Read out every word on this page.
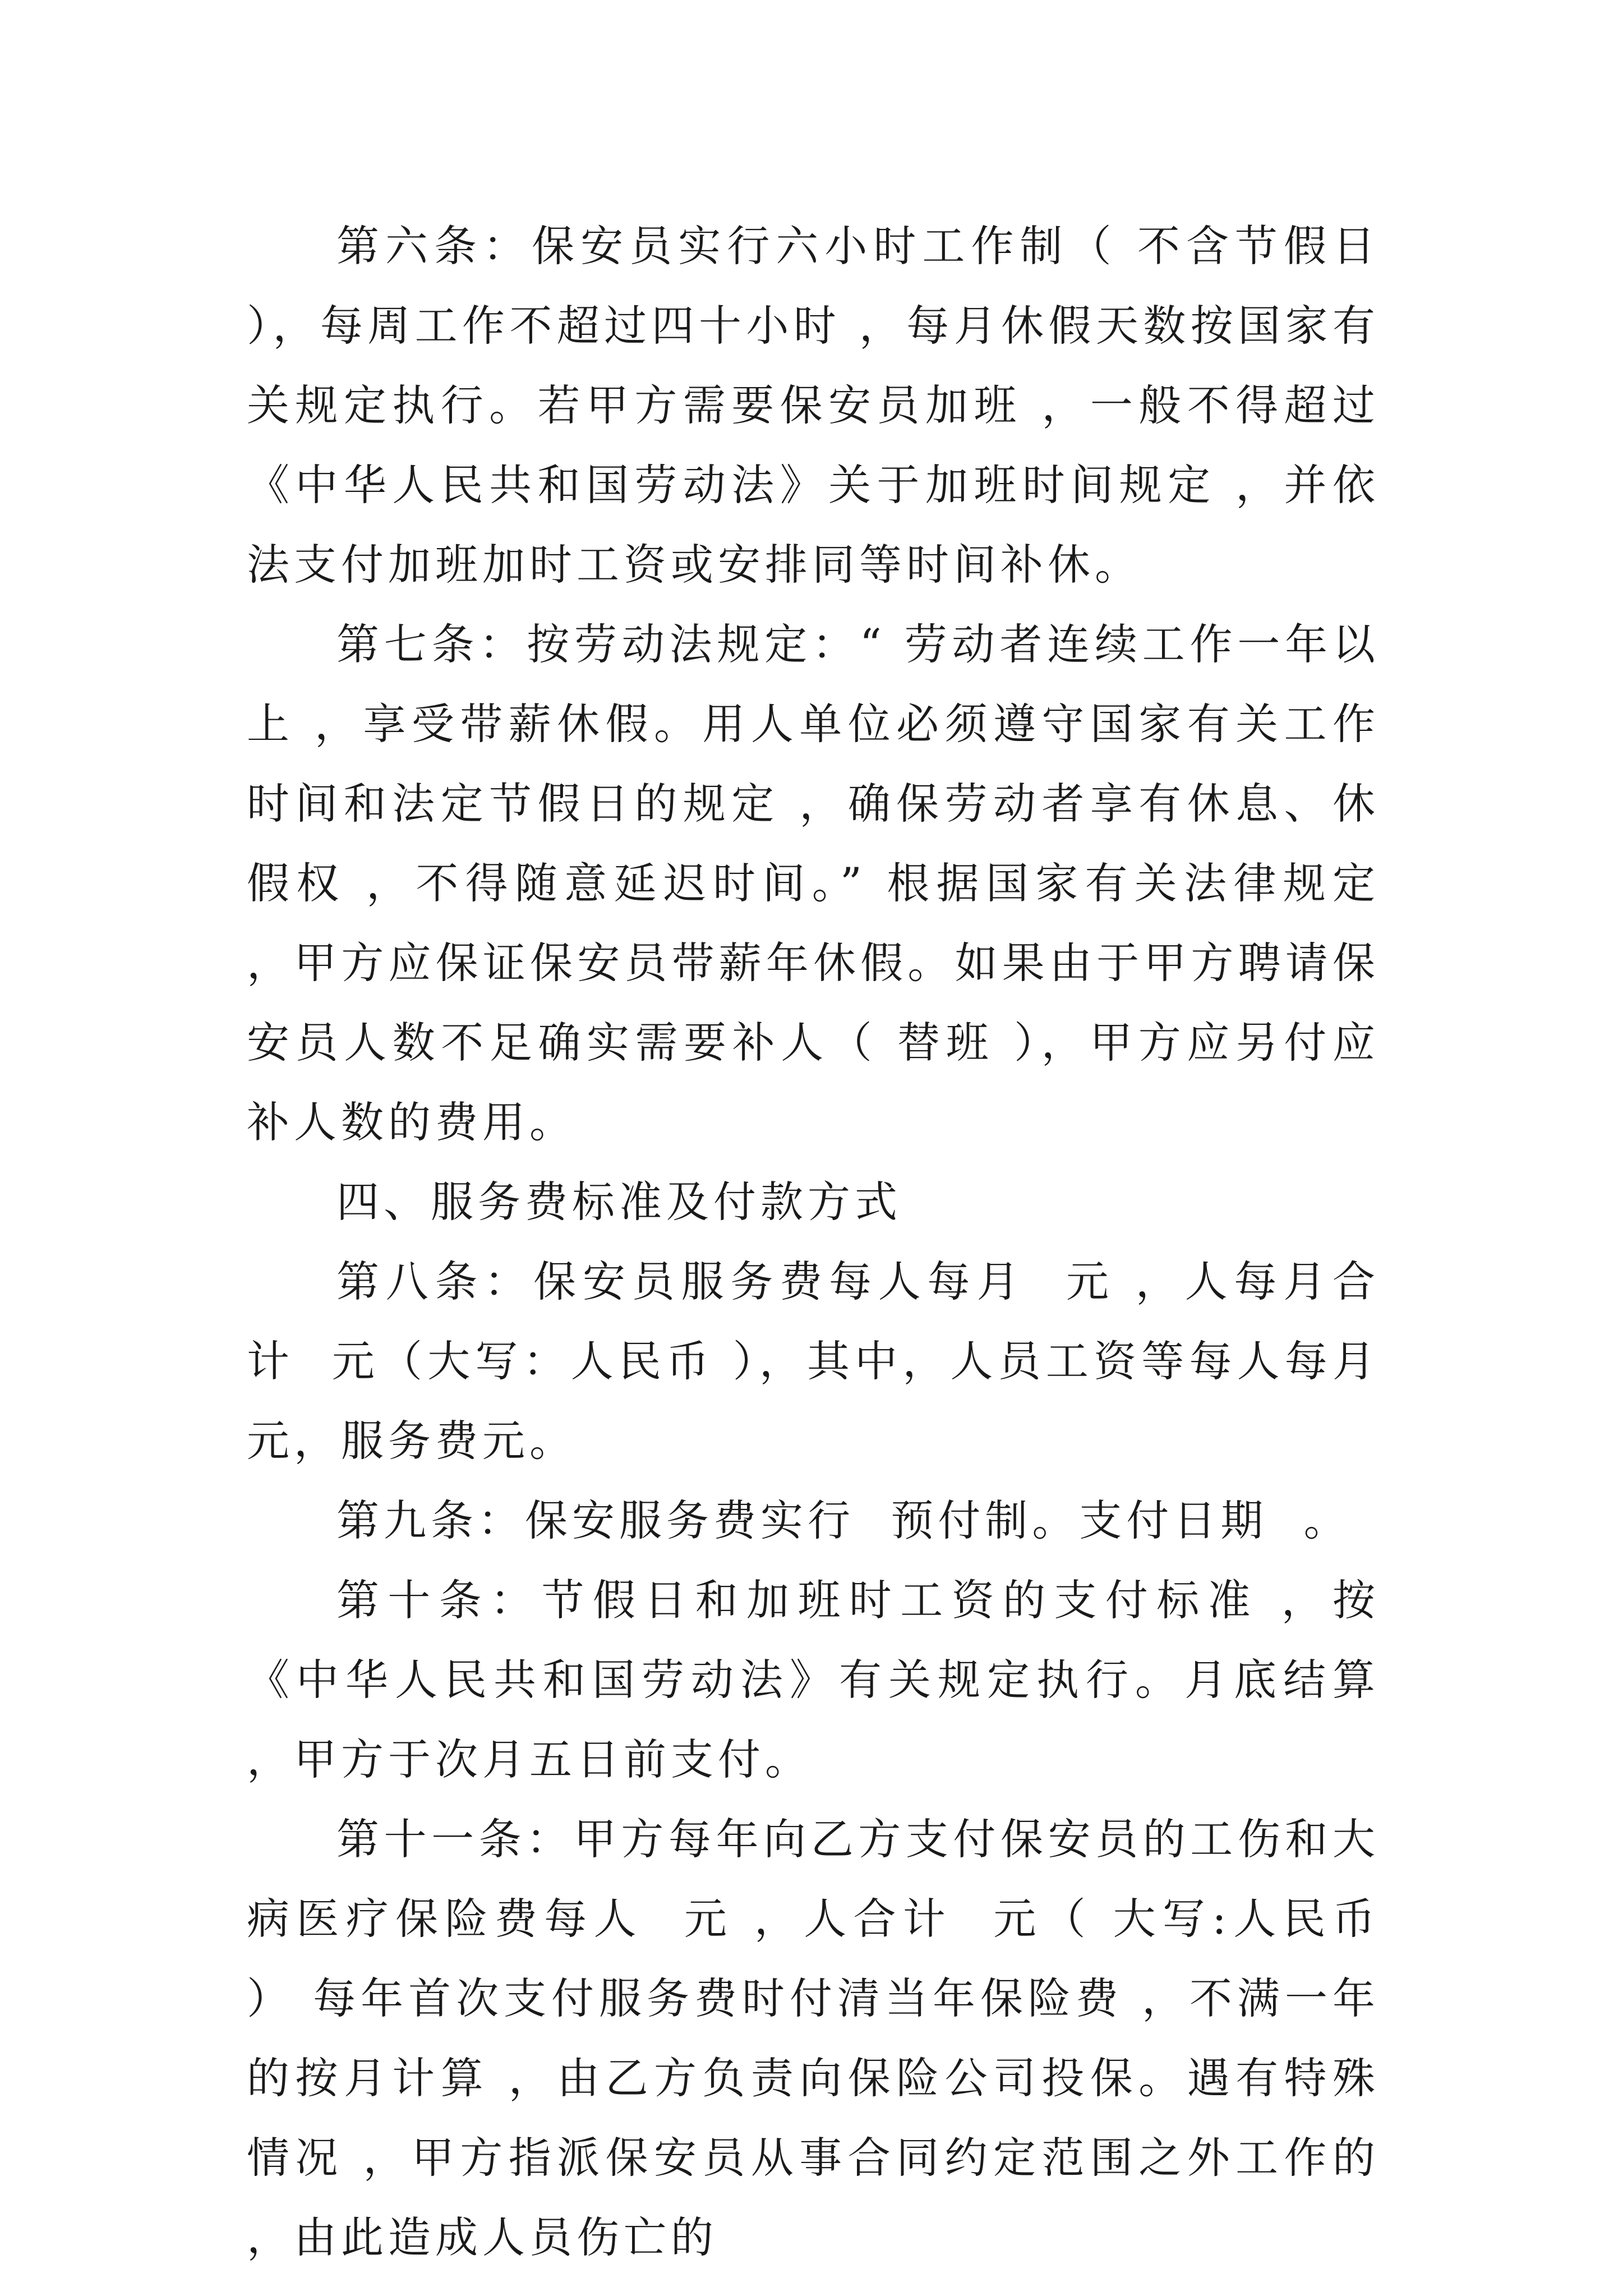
第六条：保安员实行六小时工作制（ 不含节假日 ），每周工作不超过四十小时 ，每月休假天数按国家有关规定执行。若甲方需要保安员加班 ，一般不得超过《中华人民共和国劳动法》关于加班时间规定 ，并依法支付加班加时工资或安排同等时间补休。

第七条：按劳动法规定：“ 劳动者连续工作一年以上 ，享受带薪休假。用人单位必须遵守国家有关工作时间和法定节假日的规定 ，确保劳动者享有休息、休假权 ，不得随意延迟时间。” 根据国家有关法律规定 ，甲方应保证保安员带薪年休假。如果由于甲方聘请保安员人数不足确实需要补人（ 替班 ），甲方应另付应补人数的费用。

四、服务费标准及付款方式

第八条：保安员服务费每人每月  元 ，人每月合计  元（大写：人民币 ），其中，人员工资等每人每月  元，服务费元。

第九条：保安服务费实行  预付制。支付日期  。

第十条：节假日和加班时工资的支付标准 ，按《中华人民共和国劳动法》有关规定执行。月底结算 ，甲方于次月五日前支付。

第十一条：甲方每年向乙方支付保安员的工伤和大病医疗保险费每人  元 ，人合计  元（ 大写:人民币 ） 每年首次支付服务费时付清当年保险费 ，不满一年的按月计算 ，由乙方负责向保险公司投保。遇有特殊情况 ，甲方指派保安员从事合同约定范围之外工作的 ，由此造成人员伤亡的
